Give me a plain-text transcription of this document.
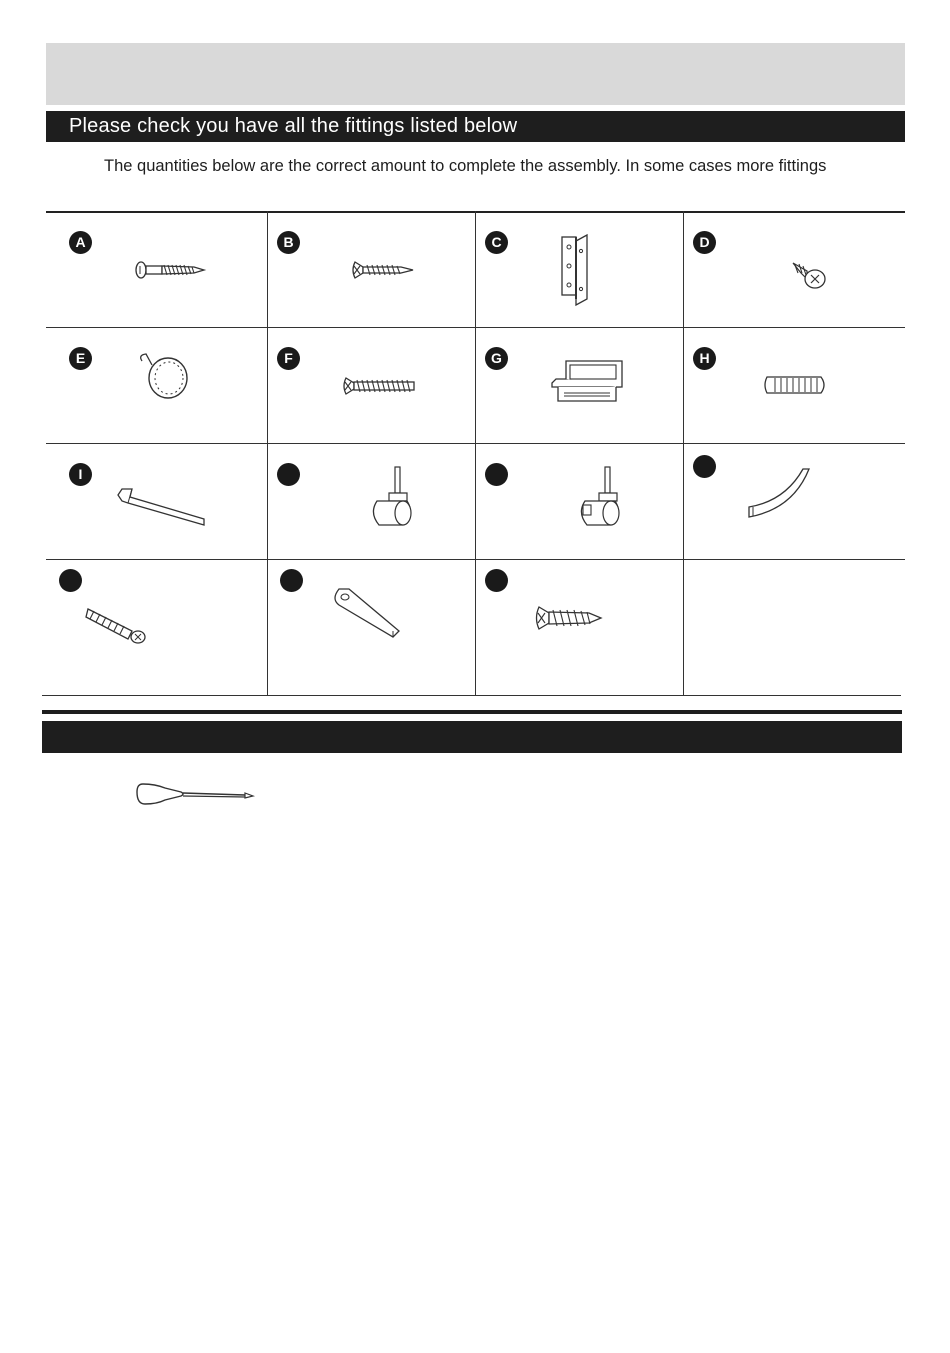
Please check you have all the fittings listed below
The quantities below are the correct amount to complete the assembly. In some cases more fittings
A	B	C	D
E	F	G	H
I
